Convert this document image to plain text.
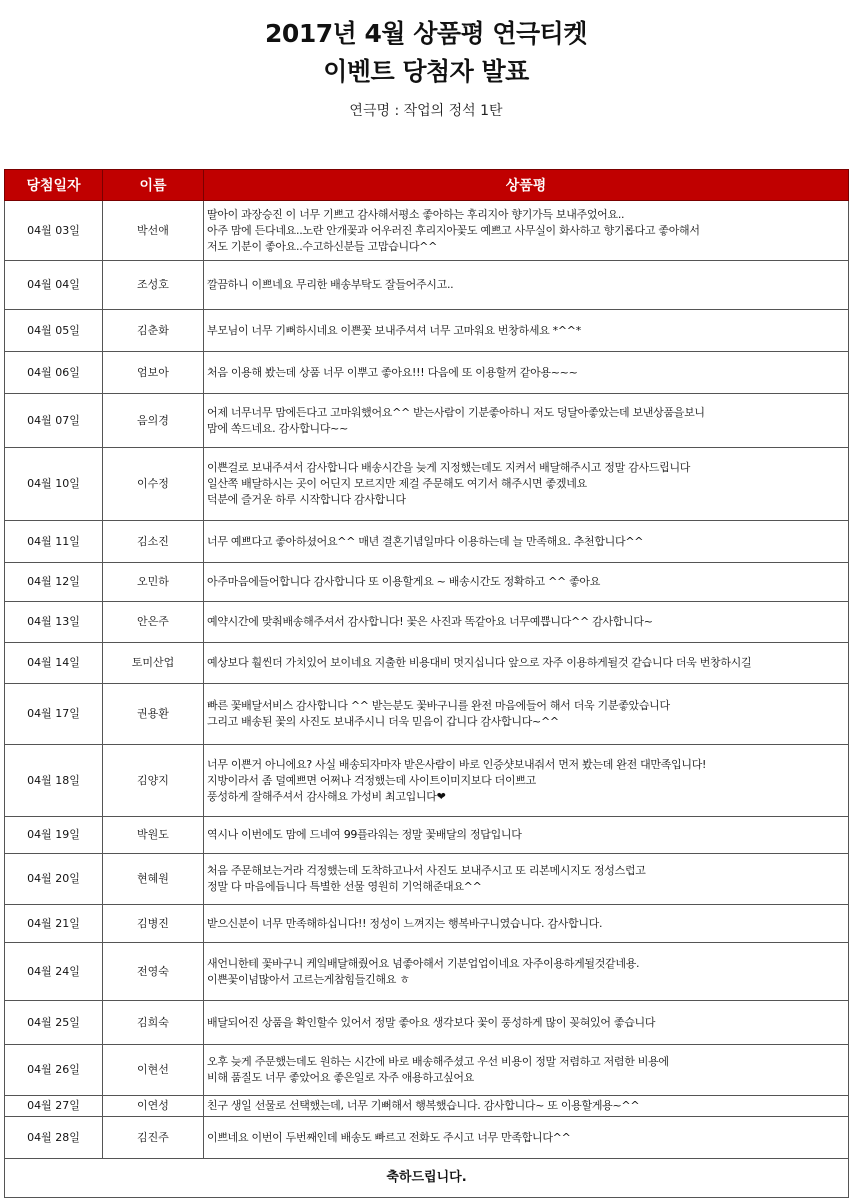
2017년 4월 상품평 연극티켓
이벤트 당첨자 발표
연극명 : 작업의 정석 1탄
당첨일자	이름	상품평
04월 03일	박선애	딸아이 과장승진 이 너무 기쁘고 감사해서평소 좋아하는 후리지아 향기가득 보내주었어요..
아주 맘에 든다네요..노란 안개꽃과 어우러진 후리지아꽃도 예쁘고 사무실이 화사하고 향기롭다고 좋아해서
저도 기분이 좋아요..수고하신분들 고맙습니다^^
04월 04일	조성호	깔끔하니 이쁘네요 무리한 배송부탁도 잘들어주시고..
04월 05일	김춘화	부모님이 너무 기뻐하시네요 이쁜꽃 보내주셔셔 너무 고마워요 번창하세요 *^^*
04월 06일	엄보아	처음 이용해 봤는데 상품 너무 이뿌고 좋아요!!! 다음에 또 이용할꺼 같아용~~~
04월 07일	음의경	어제 너무너무 맘에든다고 고마워했어요^^ 받는사람이 기분좋아하니 저도 덩달아좋았는데 보낸상품을보니
맘에 쏙드네요. 감사합니다~~
04월 10일	이수정	이쁜걸로 보내주셔서 감사합니다 배송시간을 늦게 지정했는데도 지켜서 배달해주시고 정말 감사드립니다
일산쪽 배달하시는 곳이 어딘지 모르지만 제걸 주문해도 여기서 해주시면 좋겠네요
덕분에 즐거운 하루 시작합니다 감사합니다
04월 11일	김소진	너무 예쁘다고 좋아하셨어요^^ 매년 결혼기념일마다 이용하는데 늘 만족해요. 추천합니다^^
04월 12일	오민하	아주마음에들어합니다 감사합니다 또 이용할게요 ~ 배송시간도 정확하고 ^^ 좋아요
04월 13일	안은주	예약시간에 맞춰배송해주셔서 감사합니다! 꽃은 사진과 똑같아요 너무예쁩니다^^ 감사합니다~
04월 14일	토미산업	예상보다 훨씬더 가치있어 보이네요 지출한 비용대비 멋지십니다 앞으로 자주 이용하게될것 같습니다 더욱 번창하시길
04월 17일	권용환	빠른 꽃배달서비스 감사합니다 ^^ 받는분도 꽃바구니를 완전 마음에들어 해서 더욱 기분좋았습니다
그리고 배송된 꽃의 사진도 보내주시니 더욱 믿음이 갑니다 감사합니다~^^
04월 18일	김양지	너무 이쁜거 아니에요? 사실 배송되자마자 받은사람이 바로 인증샷보내줘서 먼저 봤는데 완전 대만족입니다!
지방이라서 좀 덜예쁘면 어쩌나 걱정했는데 사이트이미지보다 더이쁘고
풍성하게 잘해주셔서 감사해요 가성비 최고입니다❤
04월 19일	박원도	역시나 이번에도 맘에 드네여 99플라워는 정말 꽃배달의 정답입니다
04월 20일	현혜원	처음 주문해보는거라 걱정했는데 도착하고나서 사진도 보내주시고 또 리본메시지도 정성스럽고
정말 다 마음에듭니다 특별한 선물 영원히 기억해준대요^^
04월 21일	김병진	받으신분이 너무 만족해하십니다!! 정성이 느껴지는 행복바구니였습니다. 감사합니다.
04월 24일	전영숙	새언니한테 꽃바구니 케잌배달해줬어요 넘좋아해서 기분업업이네요 자주이용하게될것같네용.
이쁜꽃이넘많아서 고르는게참힘들긴해요 ㅎ
04월 25일	김희숙	배달되어진 상품을 확인할수 있어서 정말 좋아요 생각보다 꽃이 풍성하게 많이 꽂혀있어 좋습니다
04월 26일	이현선	오후 늦게 주문했는데도 원하는 시간에 바로 배송해주셨고 우선 비용이 정말 저렴하고 저렴한 비용에
비해 품질도 너무 좋았어요 좋은일로 자주 애용하고싶어요
04월 27일	이연성	친구 생일 선물로 선택했는데, 너무 기뻐해서 행복했습니다. 감사합니다~ 또 이용할게용~^^
04월 28일	김진주	이쁘네요 이번이 두번째인데 배송도 빠르고 전화도 주시고 너무 만족합니다^^
축하드립니다.		
